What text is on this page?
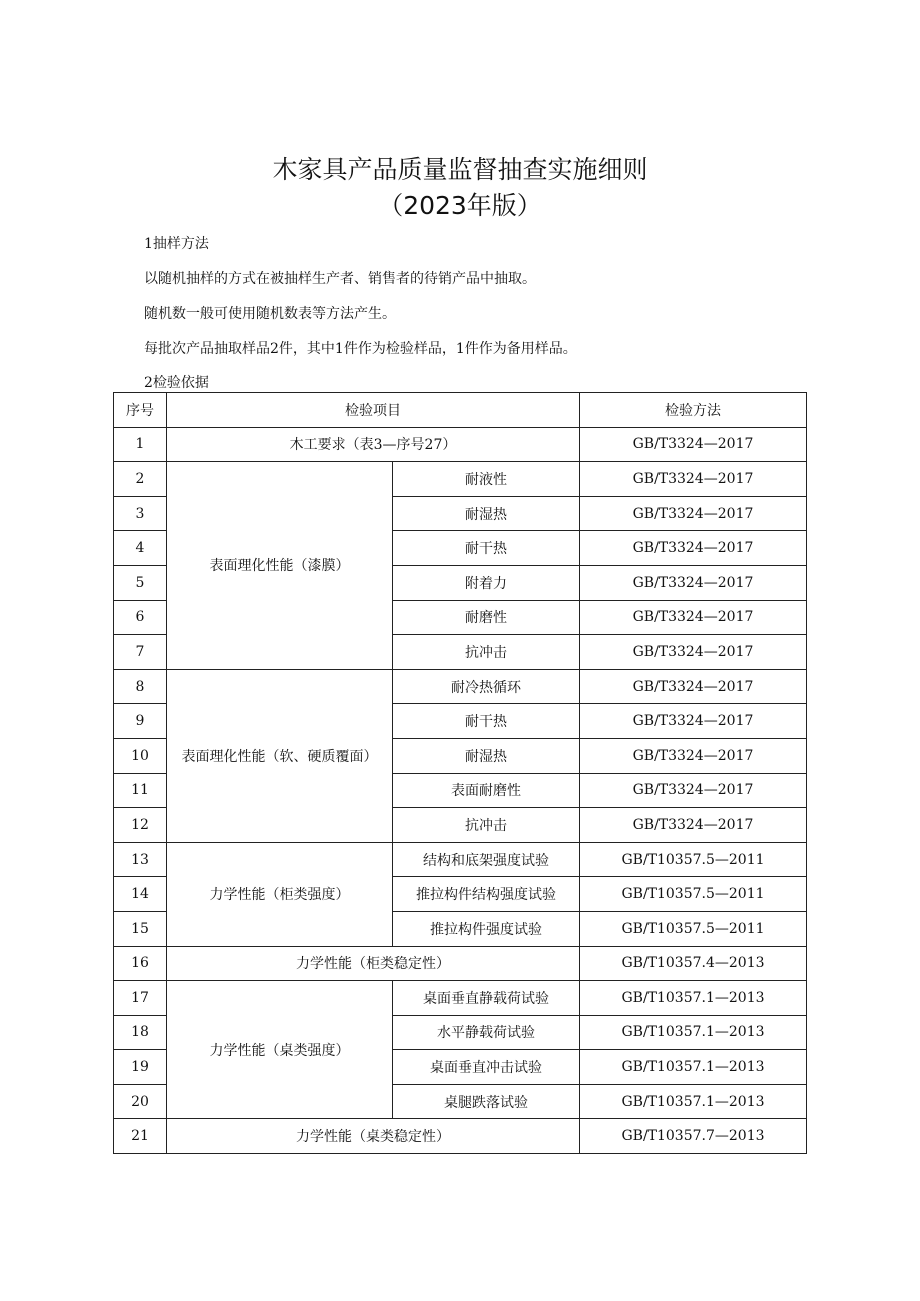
木家具产品质量监督抽查实施细则
（2023年版）
1抽样方法
以随机抽样的方式在被抽样生产者、销售者的待销产品中抽取。
随机数一般可使用随机数表等方法产生。
每批次产品抽取样品2件，其中1件作为检验样品，1件作为备用样品。
2检验依据
序号	检验项目		检验方法
1	木工要求（表3—序号27）		GB/T3324—2017
2	表面理化性能（漆膜）	耐液性	GB/T3324—2017
3		耐湿热	GB/T3324—2017
4		耐干热	GB/T3324—2017
5		附着力	GB/T3324—2017
6		耐磨性	GB/T3324—2017
7		抗冲击	GB/T3324—2017
8	表面理化性能（软、硬质覆面）	耐冷热循环	GB/T3324—2017
9		耐干热	GB/T3324—2017
10		耐湿热	GB/T3324—2017
11		表面耐磨性	GB/T3324—2017
12		抗冲击	GB/T3324—2017
13	力学性能（柜类强度）	结构和底架强度试验	GB/T10357.5—2011
14		推拉构件结构强度试验	GB/T10357.5—2011
15		推拉构件强度试验	GB/T10357.5—2011
16	力学性能（柜类稳定性）		GB/T10357.4—2013
17	力学性能（桌类强度）	桌面垂直静载荷试验	GB/T10357.1—2013
18		水平静载荷试验	GB/T10357.1—2013
19		桌面垂直冲击试验	GB/T10357.1—2013
20		桌腿跌落试验	GB/T10357.1—2013
21	力学性能（桌类稳定性）		GB/T10357.7—2013
